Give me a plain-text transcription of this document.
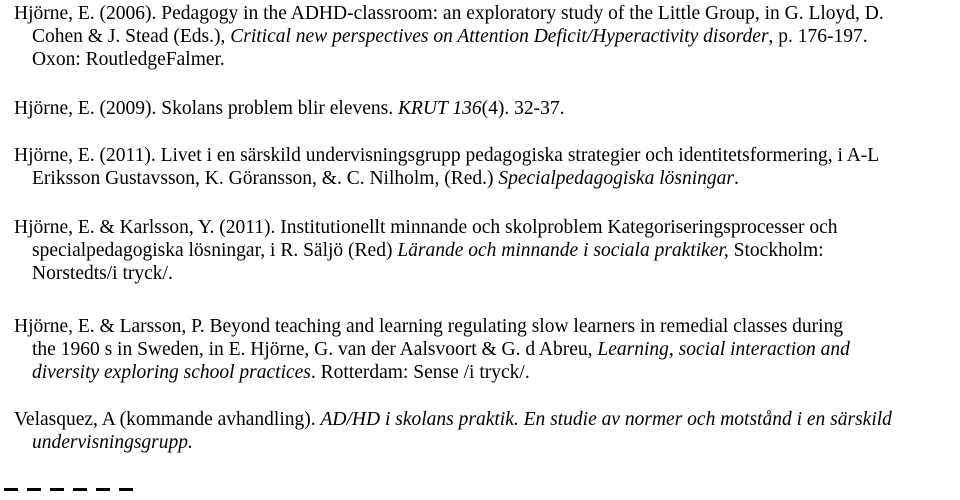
Hjörne, E. (2006). Pedagogy in the ADHD-classroom: an exploratory study of the Little Group, in G. Lloyd, D.
Cohen & J. Stead (Eds.), Critical new perspectives on Attention Deficit/Hyperactivity disorder, p. 176-197.
Oxon: RoutledgeFalmer.
Hjörne, E. (2009). Skolans problem blir elevens. KRUT 136(4). 32-37.
Hjörne, E. (2011). Livet i en särskild undervisningsgrupp pedagogiska strategier och identitetsformering, i A-L
Eriksson Gustavsson, K. Göransson, &. C. Nilholm, (Red.) Specialpedagogiska lösningar.
Hjörne, E. & Karlsson, Y. (2011). Institutionellt minnande och skolproblem Kategoriseringsprocesser och
specialpedagogiska lösningar, i R. Säljö (Red) Lärande och minnande i sociala praktiker, Stockholm:
Norstedts/i tryck/.
Hjörne, E. & Larsson, P. Beyond teaching and learning regulating slow learners in remedial classes during
the 1960 s in Sweden, in E. Hjörne, G. van der Aalsvoort & G. d Abreu, Learning, social interaction and
diversity exploring school practices. Rotterdam: Sense /i tryck/.
Velasquez, A (kommande avhandling). AD/HD i skolans praktik. En studie av normer och motstånd i en särskild
undervisningsgrupp.
